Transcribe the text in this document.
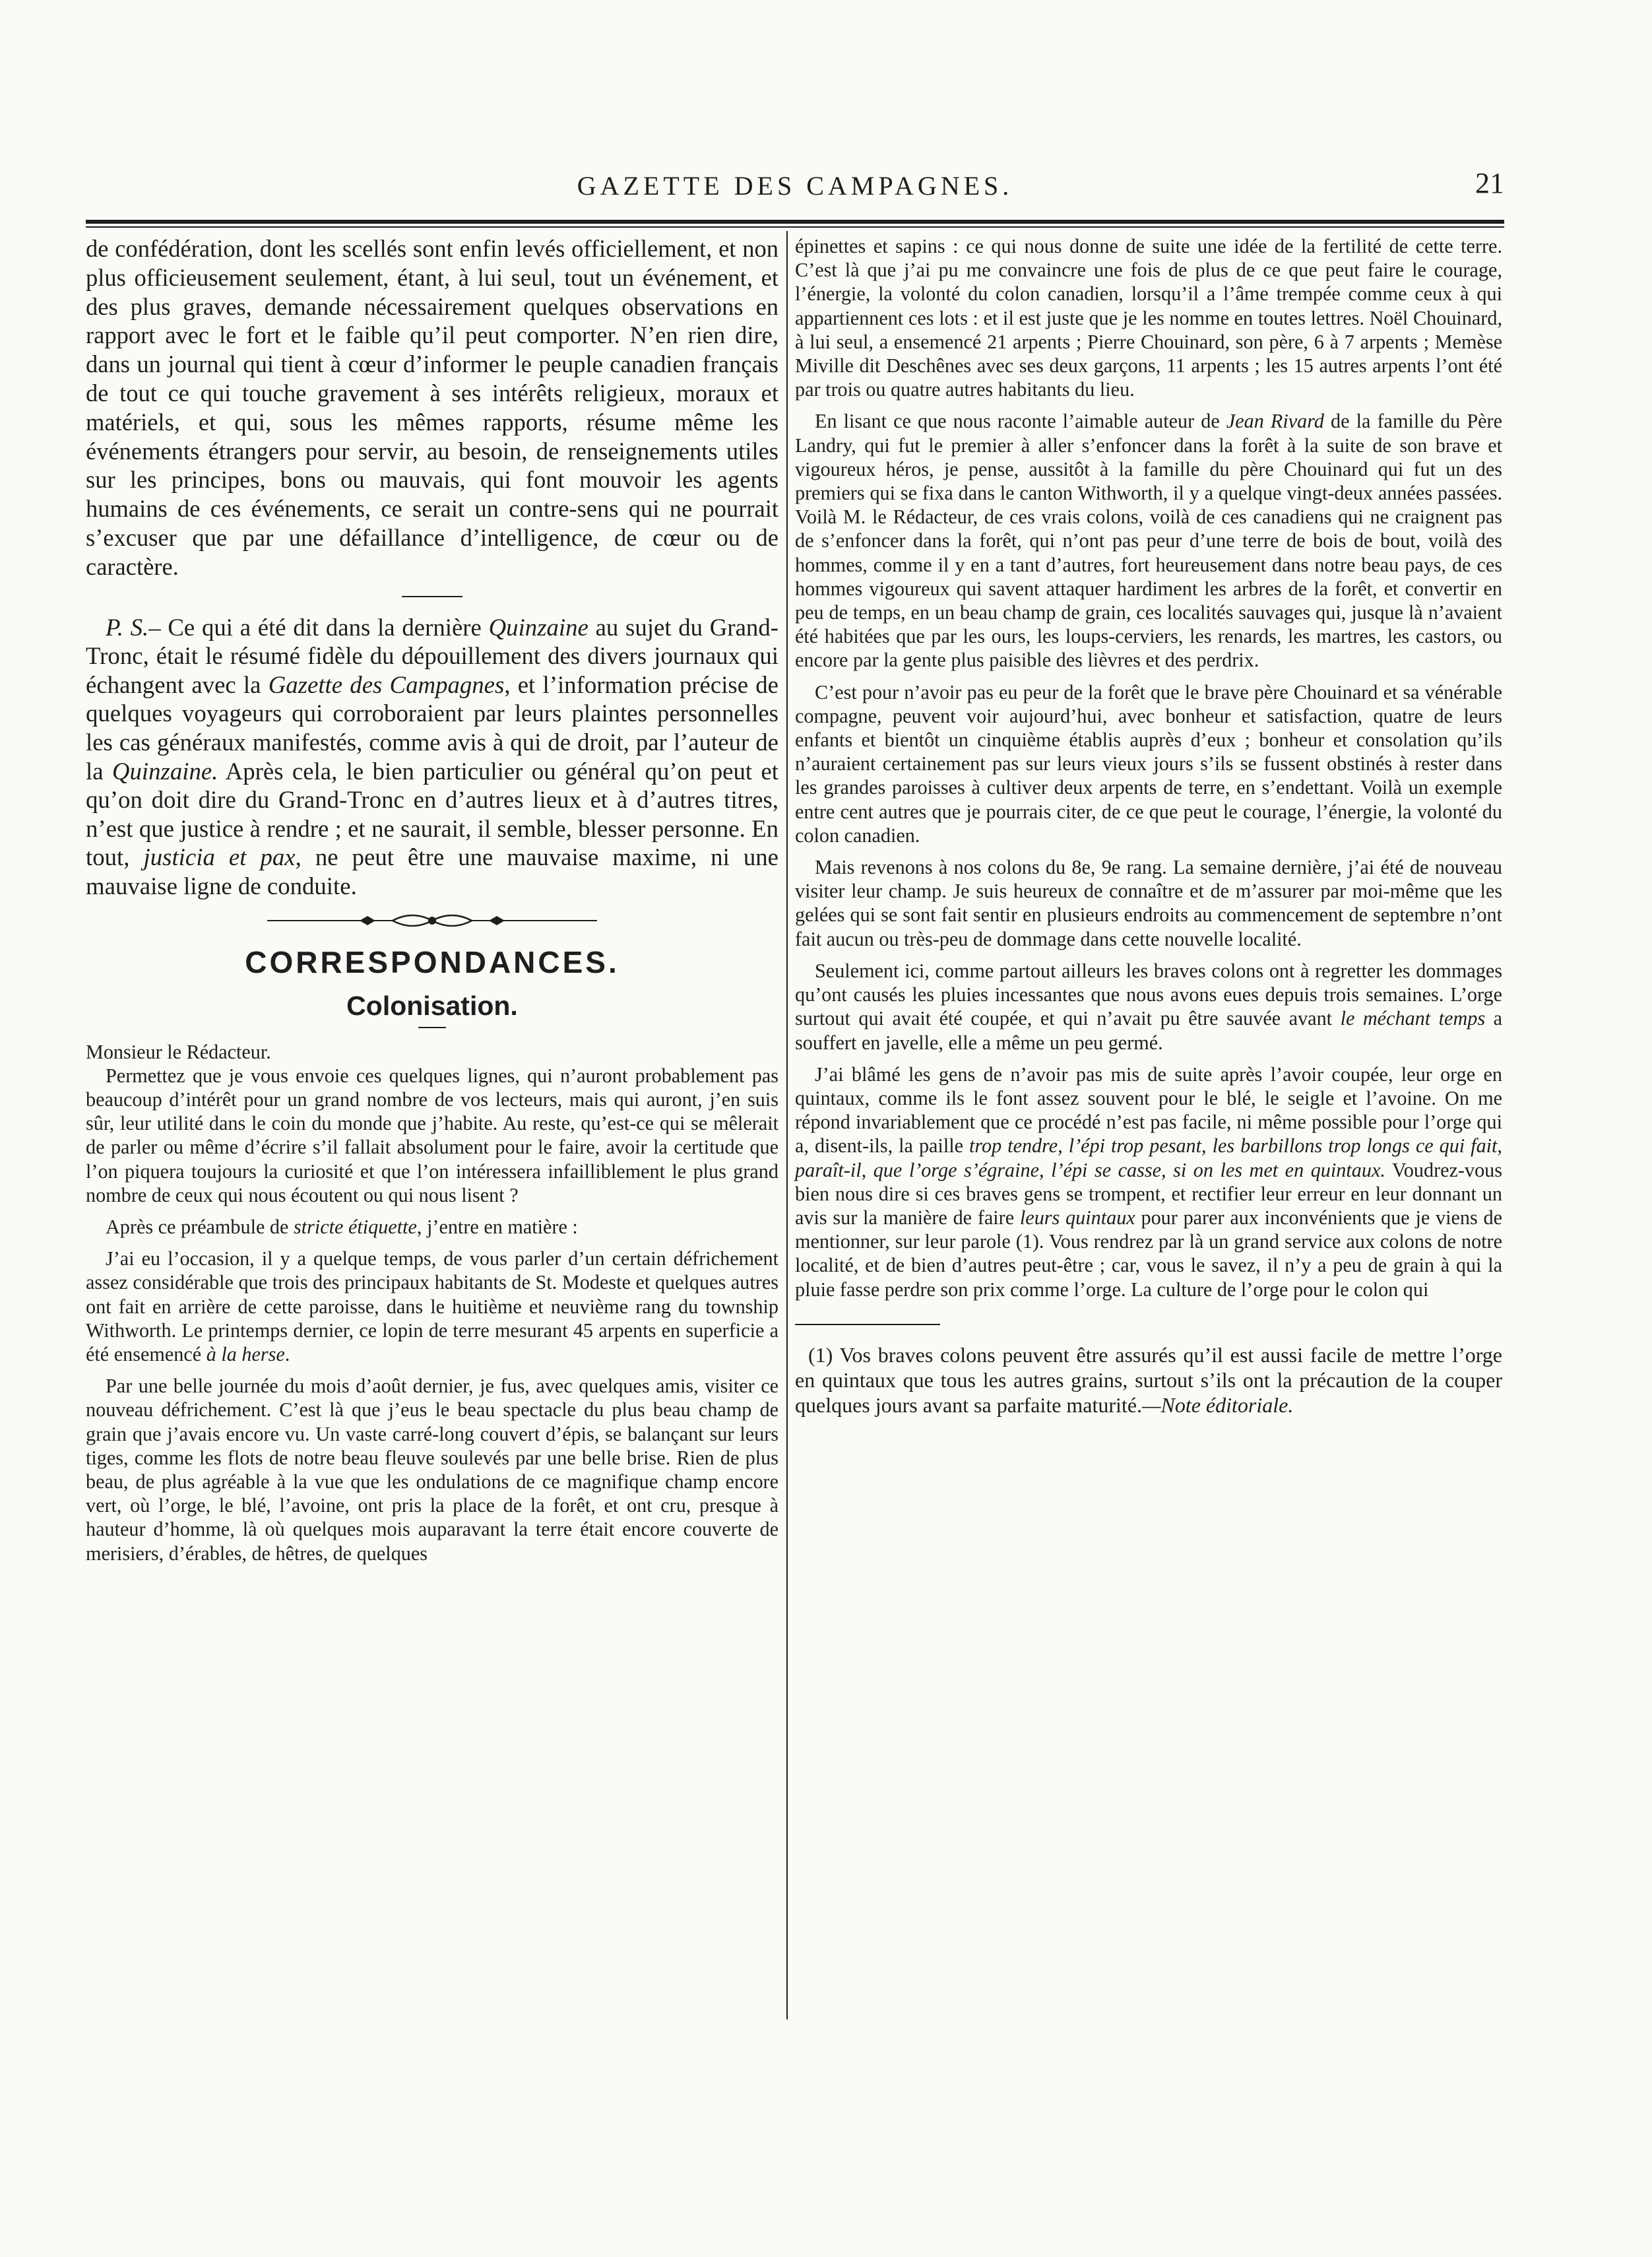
GAZETTE DES CAMPAGNES.	21

de confédération, dont les scellés sont enfin levés officiellement, et non plus officieusement seulement, étant, à lui seul, tout un événement, et des plus graves, demande nécessairement quelques observations en rapport avec le fort et le faible qu’il peut comporter. N’en rien dire, dans un journal qui tient à cœur d’informer le peuple canadien français de tout ce qui touche gravement à ses intérêts religieux, moraux et matériels, et qui, sous les mêmes rapports, résume même les événements étrangers pour servir, au besoin, de renseignements utiles sur les principes, bons ou mauvais, qui font mouvoir les agents humains de ces événements, ce serait un contre-sens qui ne pourrait s’excuser que par une défaillance d’intelligence, de cœur ou de caractère.

P. S.– Ce qui a été dit dans la dernière Quinzaine au sujet du Grand-Tronc, était le résumé fidèle du dépouillement des divers journaux qui échangent avec la Gazette des Campagnes, et l’information précise de quelques voyageurs qui corroboraient par leurs plaintes personnelles les cas généraux manifestés, comme avis à qui de droit, par l’auteur de la Quinzaine. Après cela, le bien particulier ou général qu’on peut et qu’on doit dire du Grand-Tronc en d’autres lieux et à d’autres titres, n’est que justice à rendre ; et ne saurait, il semble, blesser personne. En tout, justicia et pax, ne peut être une mauvaise maxime, ni une mauvaise ligne de conduite.

CORRESPONDANCES.
Colonisation.

Monsieur le Rédacteur.

Permettez que je vous envoie ces quelques lignes, qui n’auront probablement pas beaucoup d’intérêt pour un grand nombre de vos lecteurs, mais qui auront, j’en suis sûr, leur utilité dans le coin du monde que j’habite. Au reste, qu’est-ce qui se mêlerait de parler ou même d’écrire s’il fallait absolument pour le faire, avoir la certitude que l’on piquera toujours la curiosité et que l’on intéressera infailliblement le plus grand nombre de ceux qui nous écoutent ou qui nous lisent ?

Après ce préambule de stricte étiquette, j’entre en matière :

J’ai eu l’occasion, il y a quelque temps, de vous parler d’un certain défrichement assez considérable que trois des principaux habitants de St. Modeste et quelques autres ont fait en arrière de cette paroisse, dans le huitième et neuvième rang du township Withworth. Le printemps dernier, ce lopin de terre mesurant 45 arpents en superficie a été ensemencé à la herse.

Par une belle journée du mois d’août dernier, je fus, avec quelques amis, visiter ce nouveau défrichement. C’est là que j’eus le beau spectacle du plus beau champ de grain que j’avais encore vu. Un vaste carré-long couvert d’épis, se balançant sur leurs tiges, comme les flots de notre beau fleuve soulevés par une belle brise. Rien de plus beau, de plus agréable à la vue que les ondulations de ce magnifique champ encore vert, où l’orge, le blé, l’avoine, ont pris la place de la forêt, et ont cru, presque à hauteur d’homme, là où quelques mois auparavant la terre était encore couverte de merisiers, d’érables, de hêtres, de quelques

épinettes et sapins : ce qui nous donne de suite une idée de la fertilité de cette terre. C’est là que j’ai pu me convaincre une fois de plus de ce que peut faire le courage, l’énergie, la volonté du colon canadien, lorsqu’il a l’âme trempée comme ceux à qui appartiennent ces lots : et il est juste que je les nomme en toutes lettres. Noël Chouinard, à lui seul, a ensemencé 21 arpents ; Pierre Chouinard, son père, 6 à 7 arpents ; Memèse Miville dit Deschênes avec ses deux garçons, 11 arpents ; les 15 autres arpents l’ont été par trois ou quatre autres habitants du lieu.

En lisant ce que nous raconte l’aimable auteur de Jean Rivard de la famille du Père Landry, qui fut le premier à aller s’enfoncer dans la forêt à la suite de son brave et vigoureux héros, je pense, aussitôt à la famille du père Chouinard qui fut un des premiers qui se fixa dans le canton Withworth, il y a quelque vingt-deux années passées. Voilà M. le Rédacteur, de ces vrais colons, voilà de ces canadiens qui ne craignent pas de s’enfoncer dans la forêt, qui n’ont pas peur d’une terre de bois de bout, voilà des hommes, comme il y en a tant d’autres, fort heureusement dans notre beau pays, de ces hommes vigoureux qui savent attaquer hardiment les arbres de la forêt, et convertir en peu de temps, en un beau champ de grain, ces localités sauvages qui, jusque là n’avaient été habitées que par les ours, les loups-cerviers, les renards, les martres, les castors, ou encore par la gente plus paisible des lièvres et des perdrix.

C’est pour n’avoir pas eu peur de la forêt que le brave père Chouinard et sa vénérable compagne, peuvent voir aujourd’hui, avec bonheur et satisfaction, quatre de leurs enfants et bientôt un cinquième établis auprès d’eux ; bonheur et consolation qu’ils n’auraient certainement pas sur leurs vieux jours s’ils se fussent obstinés à rester dans les grandes paroisses à cultiver deux arpents de terre, en s’endettant. Voilà un exemple entre cent autres que je pourrais citer, de ce que peut le courage, l’énergie, la volonté du colon canadien.

Mais revenons à nos colons du 8e, 9e rang. La semaine dernière, j’ai été de nouveau visiter leur champ. Je suis heureux de connaître et de m’assurer par moi-même que les gelées qui se sont fait sentir en plusieurs endroits au commencement de septembre n’ont fait aucun ou très-peu de dommage dans cette nouvelle localité.

Seulement ici, comme partout ailleurs les braves colons ont à regretter les dommages qu’ont causés les pluies incessantes que nous avons eues depuis trois semaines. L’orge surtout qui avait été coupée, et qui n’avait pu être sauvée avant le méchant temps a souffert en javelle, elle a même un peu germé.

J’ai blâmé les gens de n’avoir pas mis de suite après l’avoir coupée, leur orge en quintaux, comme ils le font assez souvent pour le blé, le seigle et l’avoine. On me répond invariablement que ce procédé n’est pas facile, ni même possible pour l’orge qui a, disent-ils, la paille trop tendre, l’épi trop pesant, les barbillons trop longs ce qui fait, paraît-il, que l’orge s’égraine, l’épi se casse, si on les met en quintaux. Voudrez-vous bien nous dire si ces braves gens se trompent, et rectifier leur erreur en leur donnant un avis sur la manière de faire leurs quintaux pour parer aux inconvénients que je viens de mentionner, sur leur parole (1). Vous rendrez par là un grand service aux colons de notre localité, et de bien d’autres peut-être ; car, vous le savez, il n’y a peu de grain à qui la pluie fasse perdre son prix comme l’orge. La culture de l’orge pour le colon qui

(1) Vos braves colons peuvent être assurés qu’il est aussi facile de mettre l’orge en quintaux que tous les autres grains, surtout s’ils ont la précaution de la couper quelques jours avant sa parfaite maturité.—Note éditoriale.
